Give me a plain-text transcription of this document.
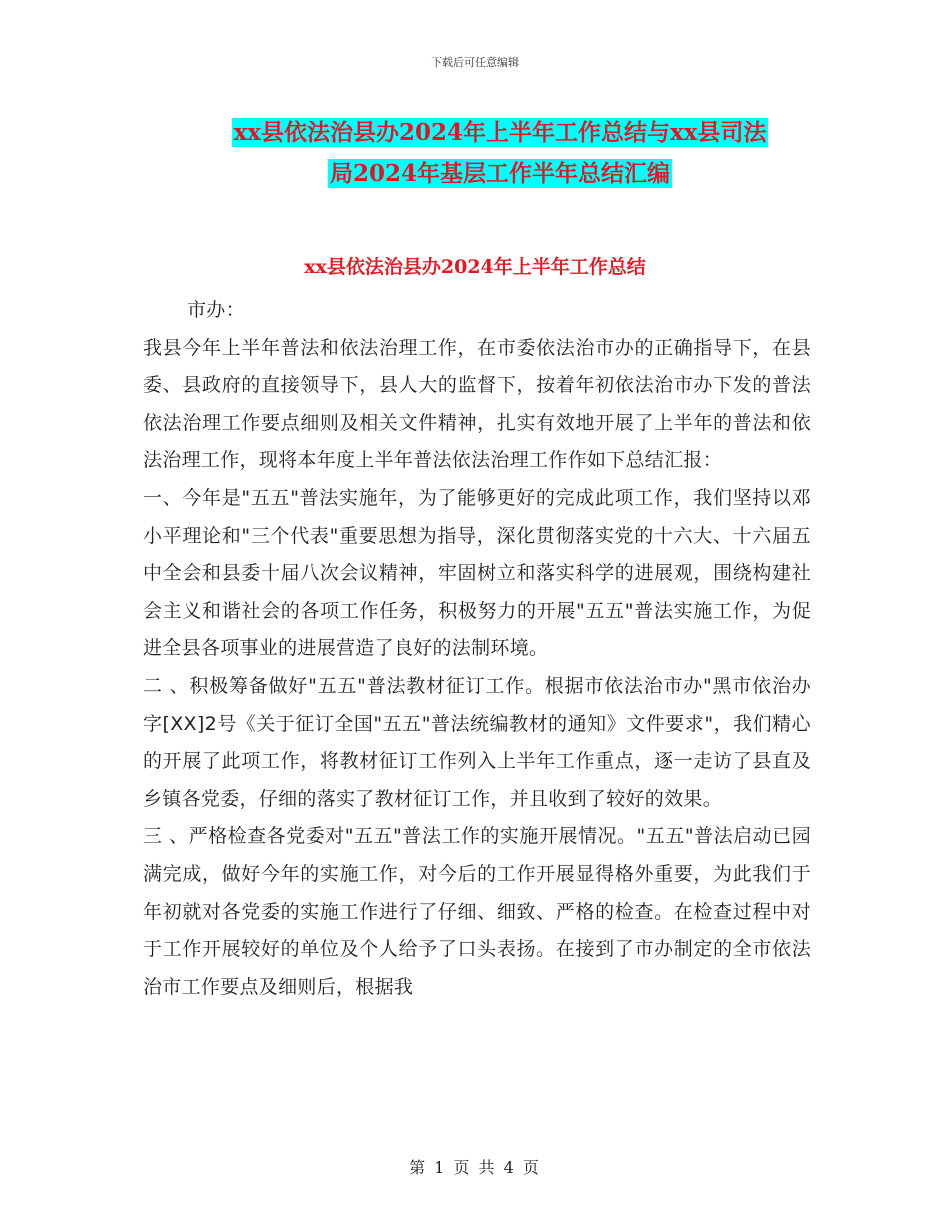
下载后可任意编辑
xx县依法治县办2024年上半年工作总结与xx县司法
局2024年基层工作半年总结汇编
xx县依法治县办2024年上半年工作总结

市办：

我县今年上半年普法和依法治理工作，在市委依法治市办的正确指导下，在县委、县政府的直接领导下，县人大的监督下，按着年初依法治市办下发的普法依法治理工作要点细则及相关文件精神，扎实有效地开展了上半年的普法和依法治理工作，现将本年度上半年普法依法治理工作作如下总结汇报：

一、今年是"五五"普法实施年，为了能够更好的完成此项工作，我们坚持以邓小平理论和"三个代表"重要思想为指导，深化贯彻落实党的十六大、十六届五中全会和县委十届八次会议精神，牢固树立和落实科学的进展观，围绕构建社会主义和谐社会的各项工作任务，积极努力的开展"五五"普法实施工作，为促进全县各项事业的进展营造了良好的法制环境。

二 、积极筹备做好"五五"普法教材征订工作。根据市依法治市办"黑市依治办字[XX]2号《关于征订全国"五五"普法统编教材的通知》文件要求"，我们精心的开展了此项工作，将教材征订工作列入上半年工作重点，逐一走访了县直及乡镇各党委，仔细的落实了教材征订工作，并且收到了较好的效果。

三 、严格检查各党委对"五五"普法工作的实施开展情况。"五五"普法启动已园满完成，做好今年的实施工作，对今后的工作开展显得格外重要，为此我们于年初就对各党委的实施工作进行了仔细、细致、严格的检查。在检查过程中对于工作开展较好的单位及个人给予了口头表扬。在接到了市办制定的全市依法治市工作要点及细则后，根据我

第 1 页 共 4 页
